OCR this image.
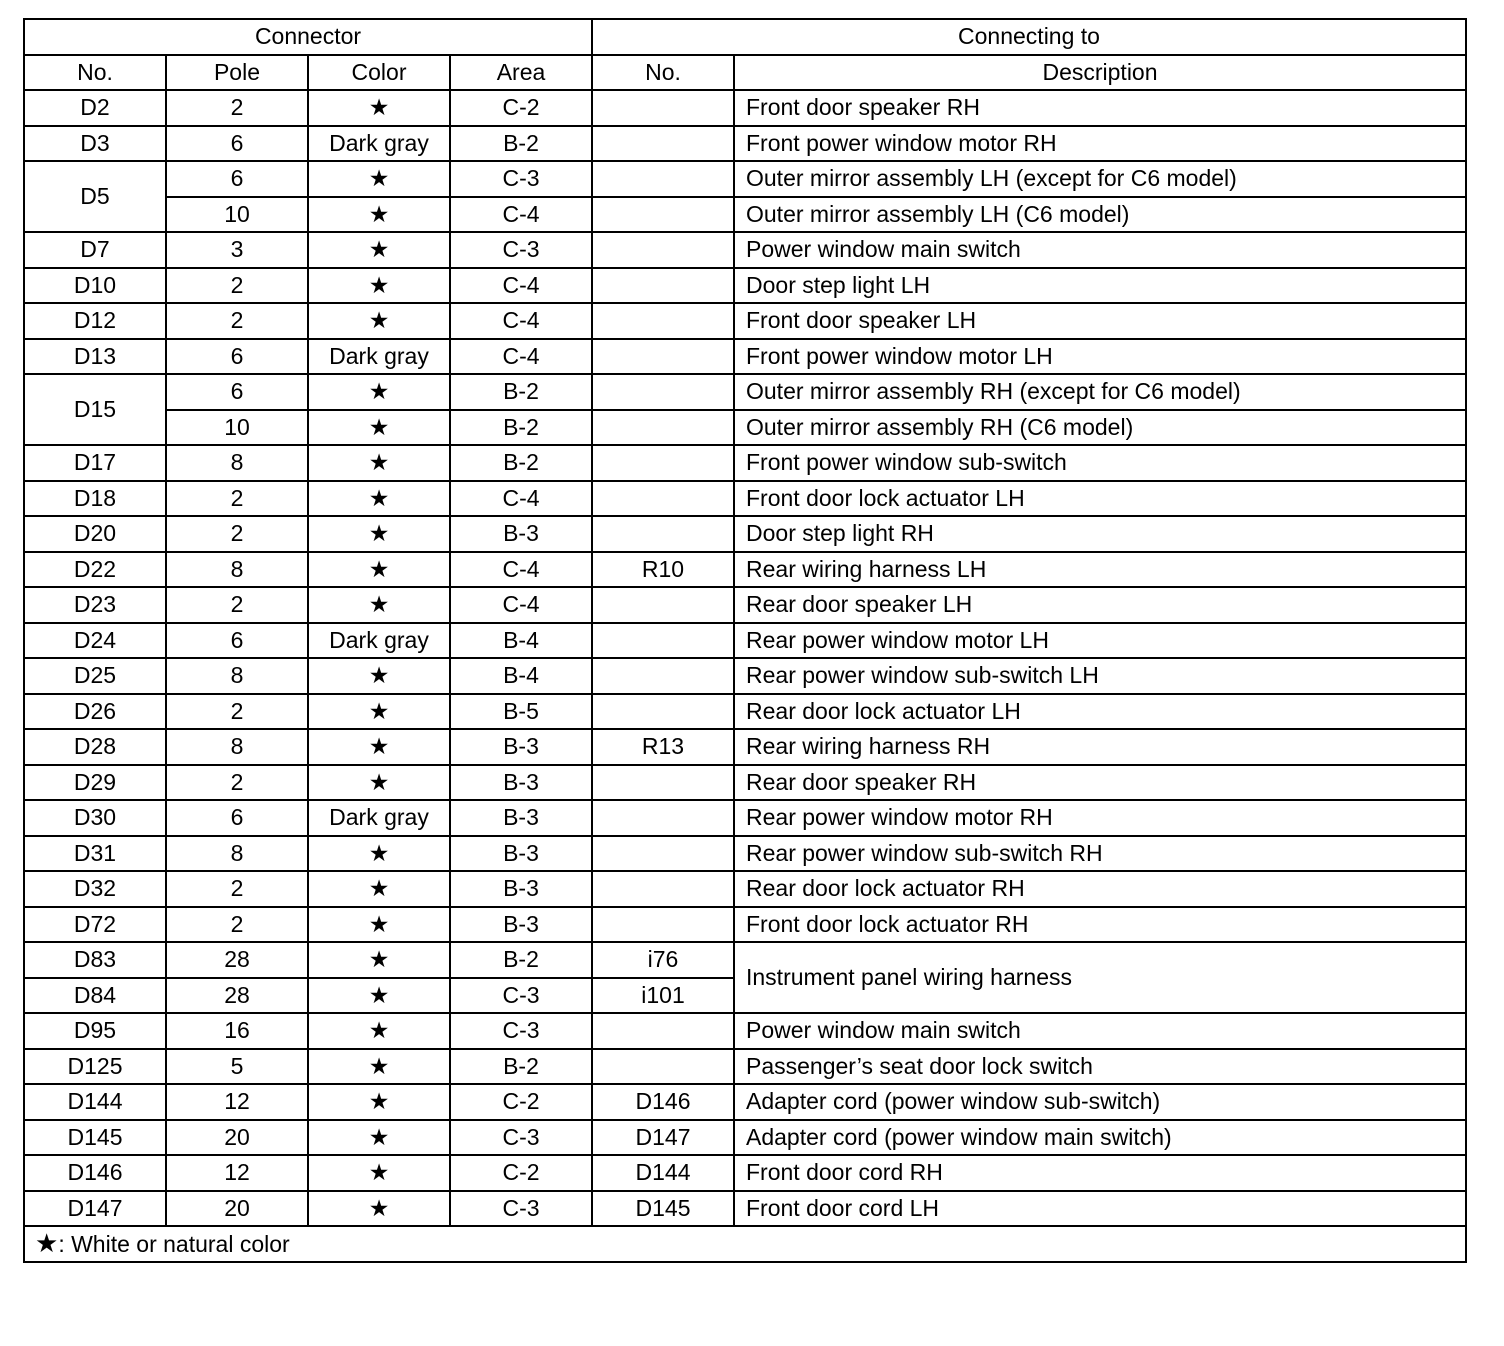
Connector				Connecting to	
No.	Pole	Color	Area	No.	Description
D2	2	★	C-2		Front door speaker RH
D3	6	Dark gray	B-2		Front power window motor RH
D5	6	★	C-3		Outer mirror assembly LH (except for C6 model)
	10	★	C-4		Outer mirror assembly LH (C6 model)
D7	3	★	C-3		Power window main switch
D10	2	★	C-4		Door step light LH
D12	2	★	C-4		Front door speaker LH
D13	6	Dark gray	C-4		Front power window motor LH
D15	6	★	B-2		Outer mirror assembly RH (except for C6 model)
	10	★	B-2		Outer mirror assembly RH (C6 model)
D17	8	★	B-2		Front power window sub-switch
D18	2	★	C-4		Front door lock actuator LH
D20	2	★	B-3		Door step light RH
D22	8	★	C-4	R10	Rear wiring harness LH
D23	2	★	C-4		Rear door speaker LH
D24	6	Dark gray	B-4		Rear power window motor LH
D25	8	★	B-4		Rear power window sub-switch LH
D26	2	★	B-5		Rear door lock actuator LH
D28	8	★	B-3	R13	Rear wiring harness RH
D29	2	★	B-3		Rear door speaker RH
D30	6	Dark gray	B-3		Rear power window motor RH
D31	8	★	B-3		Rear power window sub-switch RH
D32	2	★	B-3		Rear door lock actuator RH
D72	2	★	B-3		Front door lock actuator RH
D83	28	★	B-2	i76	Instrument panel wiring harness
D84	28	★	C-3	i101	
D95	16	★	C-3		Power window main switch
D125	5	★	B-2		Passenger’s seat door lock switch
D144	12	★	C-2	D146	Adapter cord (power window sub-switch)
D145	20	★	C-3	D147	Adapter cord (power window main switch)
D146	12	★	C-2	D144	Front door cord RH
D147	20	★	C-3	D145	Front door cord LH
★: White or natural color					
